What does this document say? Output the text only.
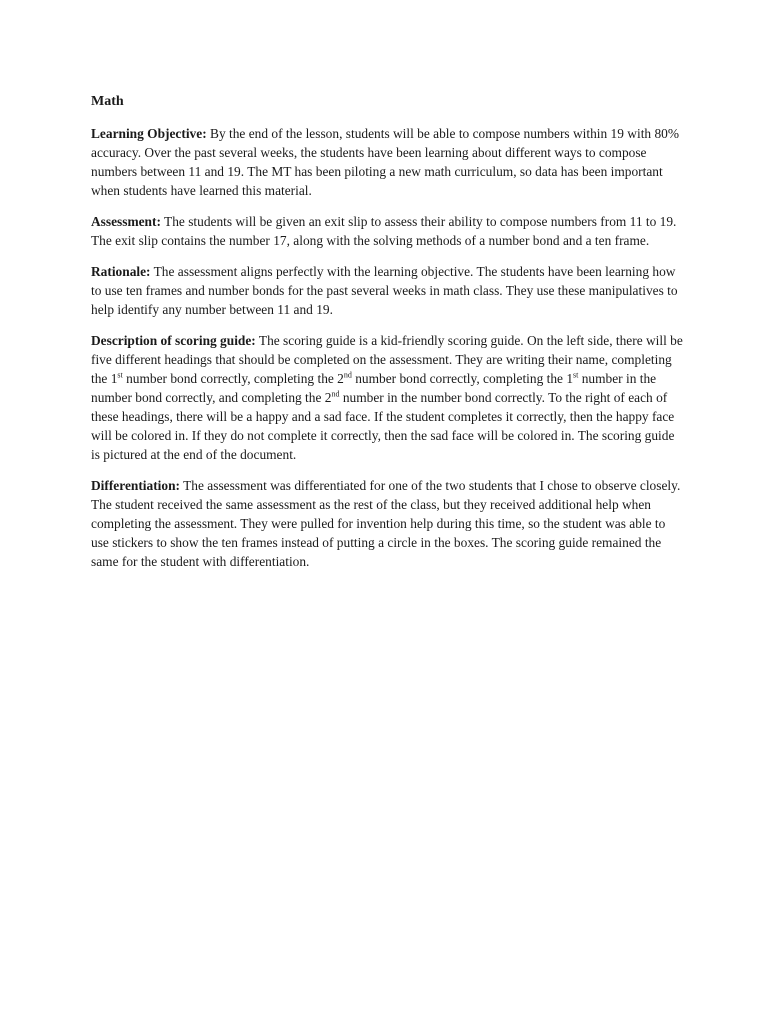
Math

Learning Objective: By the end of the lesson, students will be able to compose numbers within 19 with 80% accuracy. Over the past several weeks, the students have been learning about different ways to compose numbers between 11 and 19. The MT has been piloting a new math curriculum, so data has been important when students have learned this material.

Assessment: The students will be given an exit slip to assess their ability to compose numbers from 11 to 19. The exit slip contains the number 17, along with the solving methods of a number bond and a ten frame.

Rationale: The assessment aligns perfectly with the learning objective. The students have been learning how to use ten frames and number bonds for the past several weeks in math class. They use these manipulatives to help identify any number between 11 and 19.

Description of scoring guide: The scoring guide is a kid-friendly scoring guide. On the left side, there will be five different headings that should be completed on the assessment. They are writing their name, completing the 1st number bond correctly, completing the 2nd number bond correctly, completing the 1st number in the number bond correctly, and completing the 2nd number in the number bond correctly. To the right of each of these headings, there will be a happy and a sad face. If the student completes it correctly, then the happy face will be colored in. If they do not complete it correctly, then the sad face will be colored in. The scoring guide is pictured at the end of the document.

Differentiation: The assessment was differentiated for one of the two students that I chose to observe closely. The student received the same assessment as the rest of the class, but they received additional help when completing the assessment. They were pulled for invention help during this time, so the student was able to use stickers to show the ten frames instead of putting a circle in the boxes. The scoring guide remained the same for the student with differentiation.
